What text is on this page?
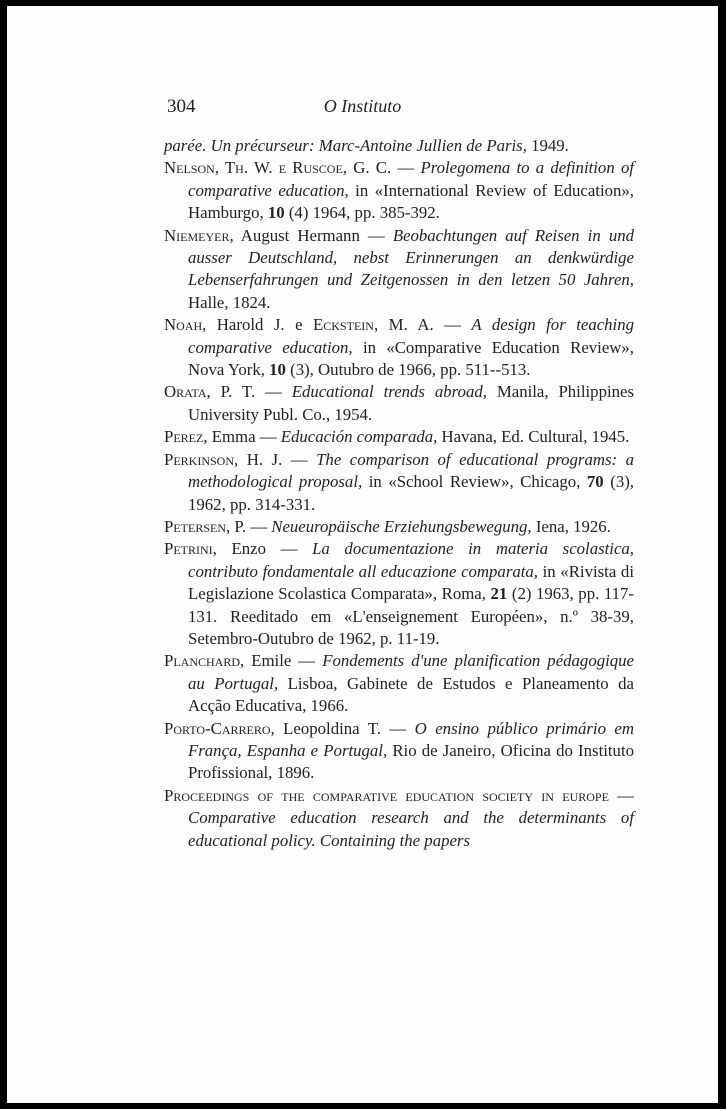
304	O Instituto

parée. Un précurseur: Marc-Antoine Jullien de Paris, 1949.

Nelson, Th. W. e Ruscoe, G. C. — Prolegomena to a definition of comparative education, in «International Review of Education», Hamburgo, 10 (4) 1964, pp. 385-392.

Niemeyer, August Hermann — Beobachtungen auf Reisen in und ausser Deutschland, nebst Erinnerungen an denkwürdige Lebenserfahrungen und Zeitgenossen in den letzen 50 Jahren, Halle, 1824.

Noah, Harold J. e Eckstein, M. A. — A design for teaching comparative education, in «Comparative Education Review», Nova York, 10 (3), Outubro de 1966, pp. 511--513.

Orata, P. T. — Educational trends abroad, Manila, Philippines University Publ. Co., 1954.

Perez, Emma — Educación comparada, Havana, Ed. Cultural, 1945.

Perkinson, H. J. — The comparison of educational programs: a methodological proposal, in «School Review», Chicago, 70 (3), 1962, pp. 314-331.

Petersen, P. — Neueuropäische Erziehungsbewegung, Iena, 1926.

Petrini, Enzo — La documentazione in materia scolastica, contributo fondamentale all educazione comparata, in «Rivista di Legislazione Scolastica Comparata», Roma, 21 (2) 1963, pp. 117-131. Reeditado em «L'enseignement Européen», n.º 38-39, Setembro-Outubro de 1962, p. 11-19.

Planchard, Emile — Fondements d'une planification pédagogique au Portugal, Lisboa, Gabinete de Estudos e Planeamento da Acção Educativa, 1966.

Porto-Carrero, Leopoldina T. — O ensino público primário em França, Espanha e Portugal, Rio de Janeiro, Oficina do Instituto Profissional, 1896.

Proceedings of the comparative education society in europe — Comparative education research and the determinants of educational policy. Containing the papers
